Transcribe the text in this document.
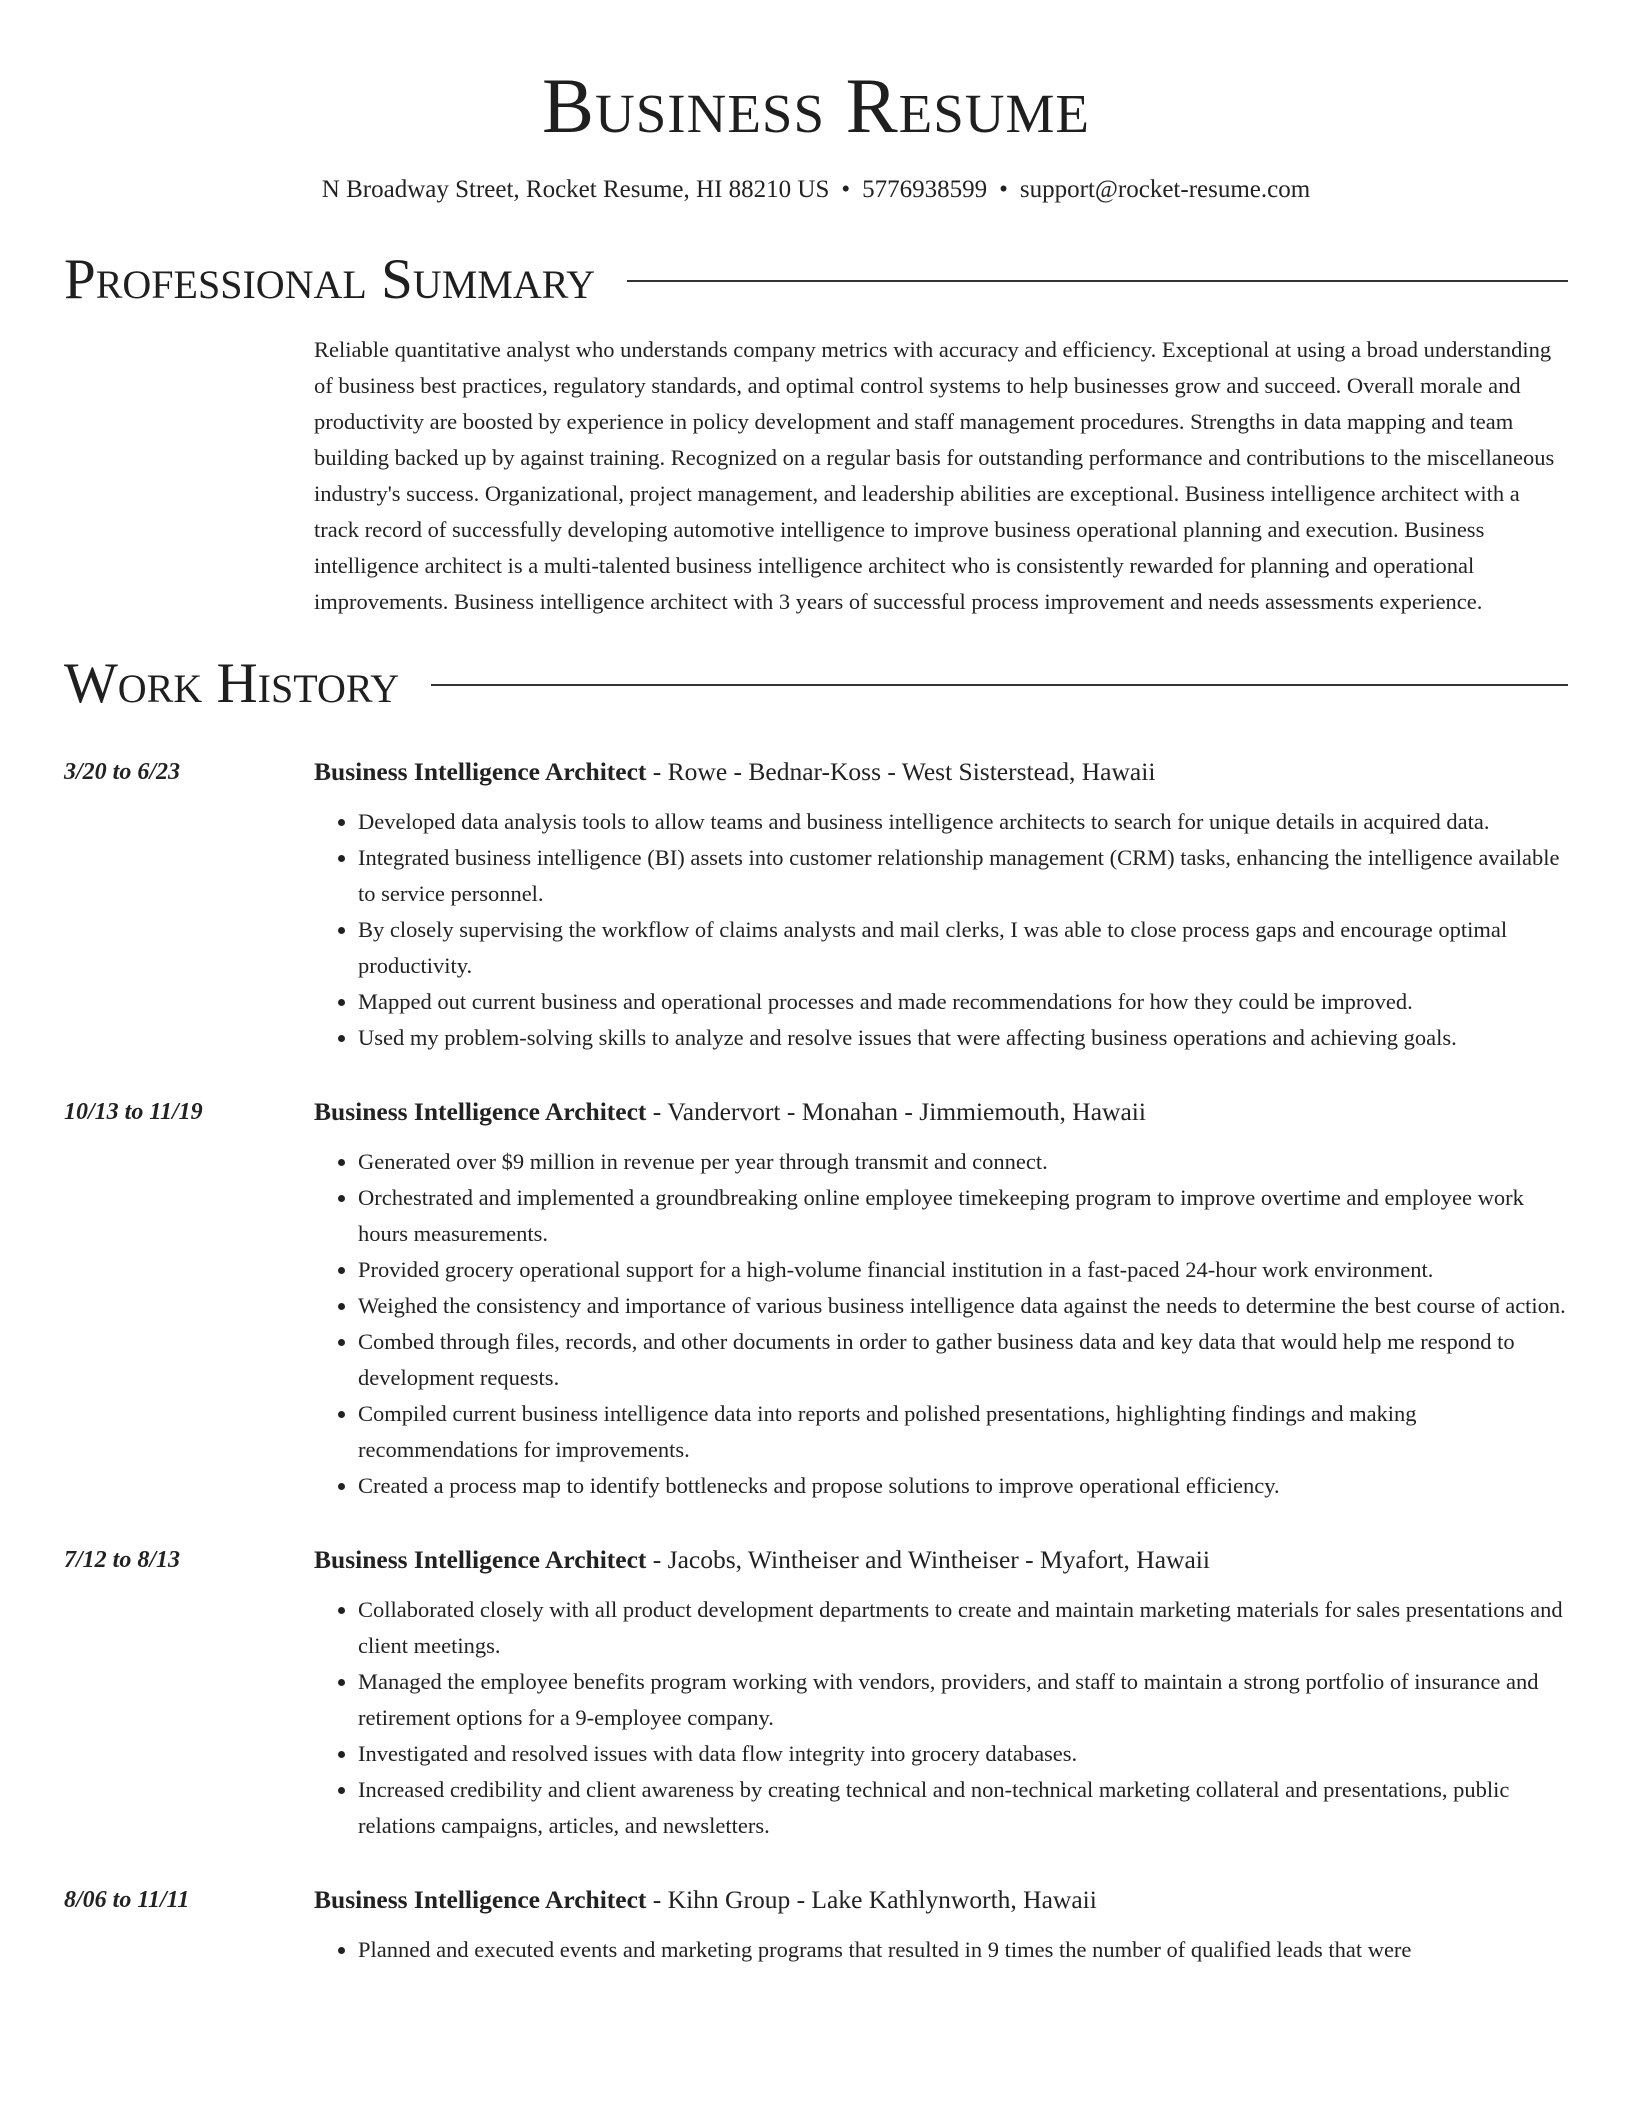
Business Resume
N Broadway Street, Rocket Resume, HI 88210 US • 5776938599 • support@rocket-resume.com
Professional Summary
Reliable quantitative analyst who understands company metrics with accuracy and efficiency. Exceptional at using a broad understanding of business best practices, regulatory standards, and optimal control systems to help businesses grow and succeed. Overall morale and productivity are boosted by experience in policy development and staff management procedures. Strengths in data mapping and team building backed up by against training. Recognized on a regular basis for outstanding performance and contributions to the miscellaneous industry's success. Organizational, project management, and leadership abilities are exceptional. Business intelligence architect with a track record of successfully developing automotive intelligence to improve business operational planning and execution. Business intelligence architect is a multi-talented business intelligence architect who is consistently rewarded for planning and operational improvements. Business intelligence architect with 3 years of successful process improvement and needs assessments experience.
Work History
3/20 to 6/23	Business Intelligence Architect - Rowe - Bednar-Koss - West Sisterstead, Hawaii
• Developed data analysis tools to allow teams and business intelligence architects to search for unique details in acquired data.
• Integrated business intelligence (BI) assets into customer relationship management (CRM) tasks, enhancing the intelligence available to service personnel.
• By closely supervising the workflow of claims analysts and mail clerks, I was able to close process gaps and encourage optimal productivity.
• Mapped out current business and operational processes and made recommendations for how they could be improved.
• Used my problem-solving skills to analyze and resolve issues that were affecting business operations and achieving goals.
10/13 to 11/19	Business Intelligence Architect - Vandervort - Monahan - Jimmiemouth, Hawaii
• Generated over $9 million in revenue per year through transmit and connect.
• Orchestrated and implemented a groundbreaking online employee timekeeping program to improve overtime and employee work hours measurements.
• Provided grocery operational support for a high-volume financial institution in a fast-paced 24-hour work environment.
• Weighed the consistency and importance of various business intelligence data against the needs to determine the best course of action.
• Combed through files, records, and other documents in order to gather business data and key data that would help me respond to development requests.
• Compiled current business intelligence data into reports and polished presentations, highlighting findings and making recommendations for improvements.
• Created a process map to identify bottlenecks and propose solutions to improve operational efficiency.
7/12 to 8/13	Business Intelligence Architect - Jacobs, Wintheiser and Wintheiser - Myafort, Hawaii
• Collaborated closely with all product development departments to create and maintain marketing materials for sales presentations and client meetings.
• Managed the employee benefits program working with vendors, providers, and staff to maintain a strong portfolio of insurance and retirement options for a 9-employee company.
• Investigated and resolved issues with data flow integrity into grocery databases.
• Increased credibility and client awareness by creating technical and non-technical marketing collateral and presentations, public relations campaigns, articles, and newsletters.
8/06 to 11/11	Business Intelligence Architect - Kihn Group - Lake Kathlynworth, Hawaii
• Planned and executed events and marketing programs that resulted in 9 times the number of qualified leads that were
